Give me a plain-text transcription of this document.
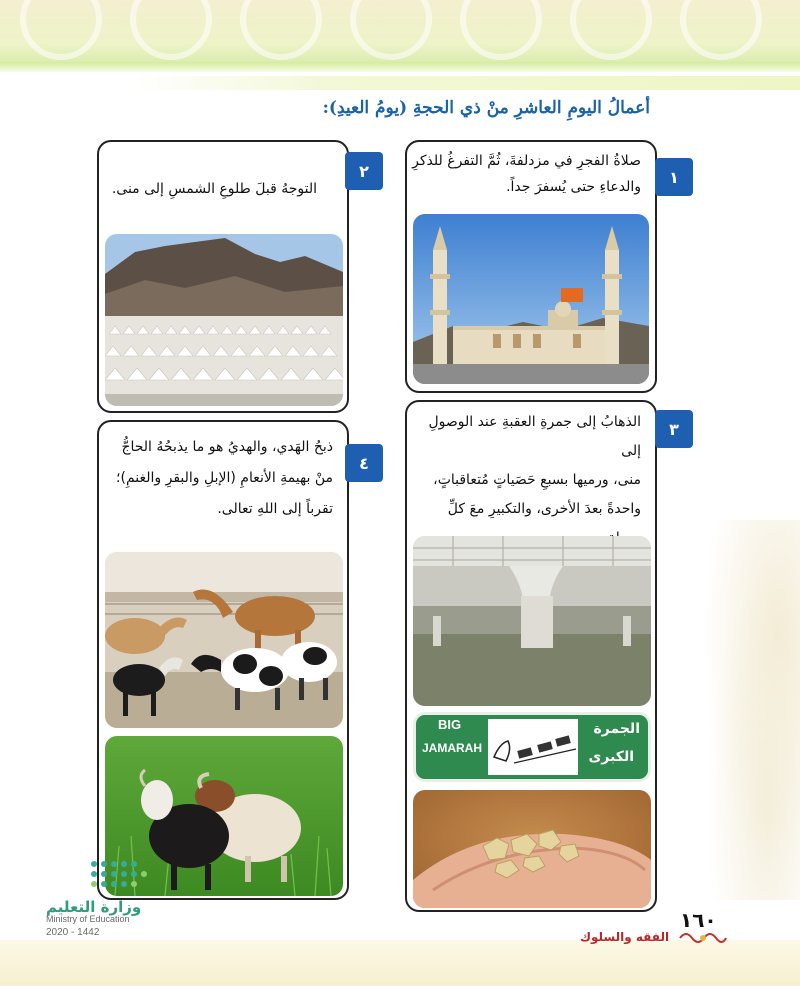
أعمالُ اليومِ العاشرِ منْ ذي الحجةِ (يومُ العيدِ):
صلاةُ الفجرِ في مزدلفةَ، ثُمَّ التفرغُ للذكرِ
والدعاءِ حتى يُسفرَ جداً.
١
التوجهُ قبلَ طلوعِ الشمسِ إلى منى.
٢
الذهابُ إلى جمرةِ العقبةِ عند الوصولِ إلى
منى، ورميها بسبعِ حَصَياتٍ مُتعاقباتٍ،
واحدةً بعدَ الأخرى، والتكبيرِ معَ كلِّ
الجمرة
الكبرى
BIG
JAMARAH
٣
ذبحُ الهَدي، والهديُ هو ما يذبحُهُ الحاجُّ
منْ بهيمةِ الأنعامِ (الإبلِ والبقرِ والغنمِ)؛
تقرباً إلى اللهِ تعالى.
٤
وزارة التعليم
Ministry of Education
2020 - 1442
١٦٠
الفقه والسلوك
